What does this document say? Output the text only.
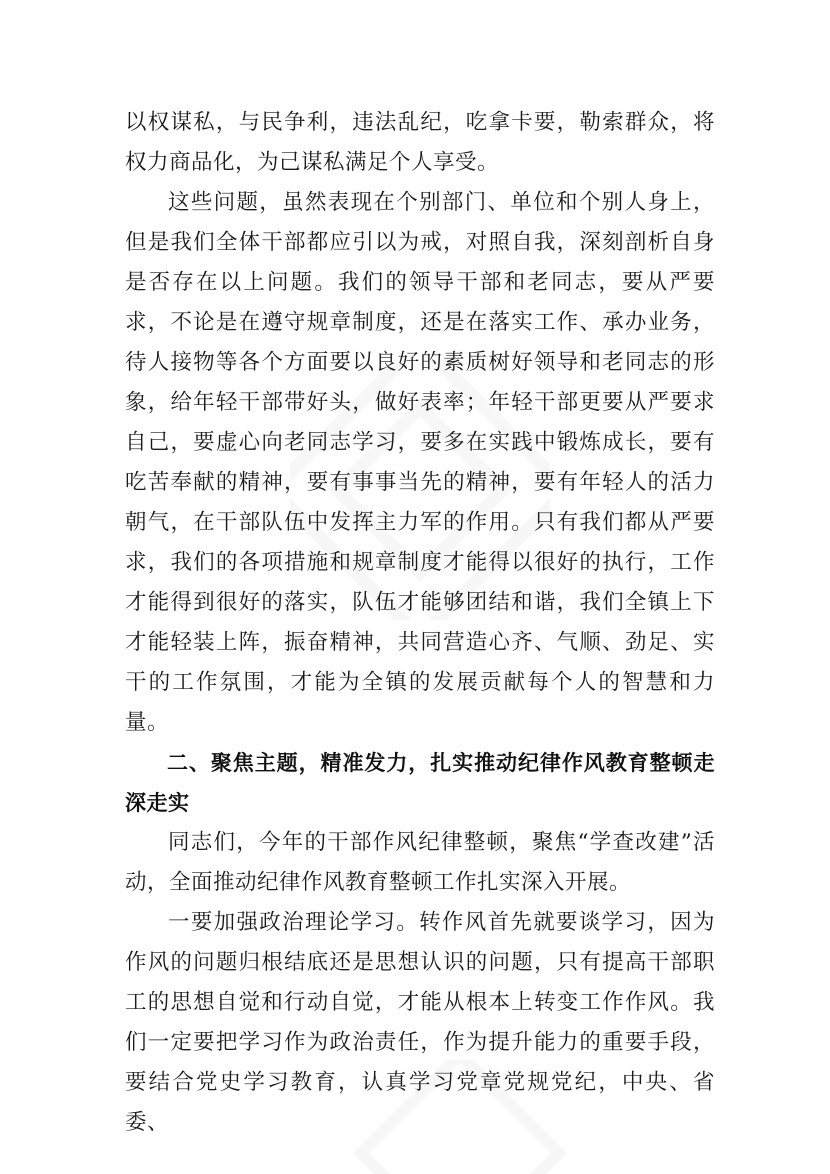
以权谋私，与民争利，违法乱纪，吃拿卡要，勒索群众，将权力商品化，为己谋私满足个人享受。

这些问题，虽然表现在个别部门、单位和个别人身上，但是我们全体干部都应引以为戒，对照自我，深刻剖析自身是否存在以上问题。我们的领导干部和老同志，要从严要求，不论是在遵守规章制度，还是在落实工作、承办业务，待人接物等各个方面要以良好的素质树好领导和老同志的形象，给年轻干部带好头，做好表率；年轻干部更要从严要求自己，要虚心向老同志学习，要多在实践中锻炼成长，要有吃苦奉献的精神，要有事事当先的精神，要有年轻人的活力朝气，在干部队伍中发挥主力军的作用。只有我们都从严要求，我们的各项措施和规章制度才能得以很好的执行，工作才能得到很好的落实，队伍才能够团结和谐，我们全镇上下才能轻装上阵，振奋精神，共同营造心齐、气顺、劲足、实干的工作氛围，才能为全镇的发展贡献每个人的智慧和力量。

二、聚焦主题，精准发力，扎实推动纪律作风教育整顿走深走实

同志们，今年的干部作风纪律整顿，聚焦“学查改建”活动，全面推动纪律作风教育整顿工作扎实深入开展。

一要加强政治理论学习。转作风首先就要谈学习，因为作风的问题归根结底还是思想认识的问题，只有提高干部职工的思想自觉和行动自觉，才能从根本上转变工作作风。我们一定要把学习作为政治责任，作为提升能力的重要手段，要结合党史学习教育，认真学习党章党规党纪，中央、省委、
